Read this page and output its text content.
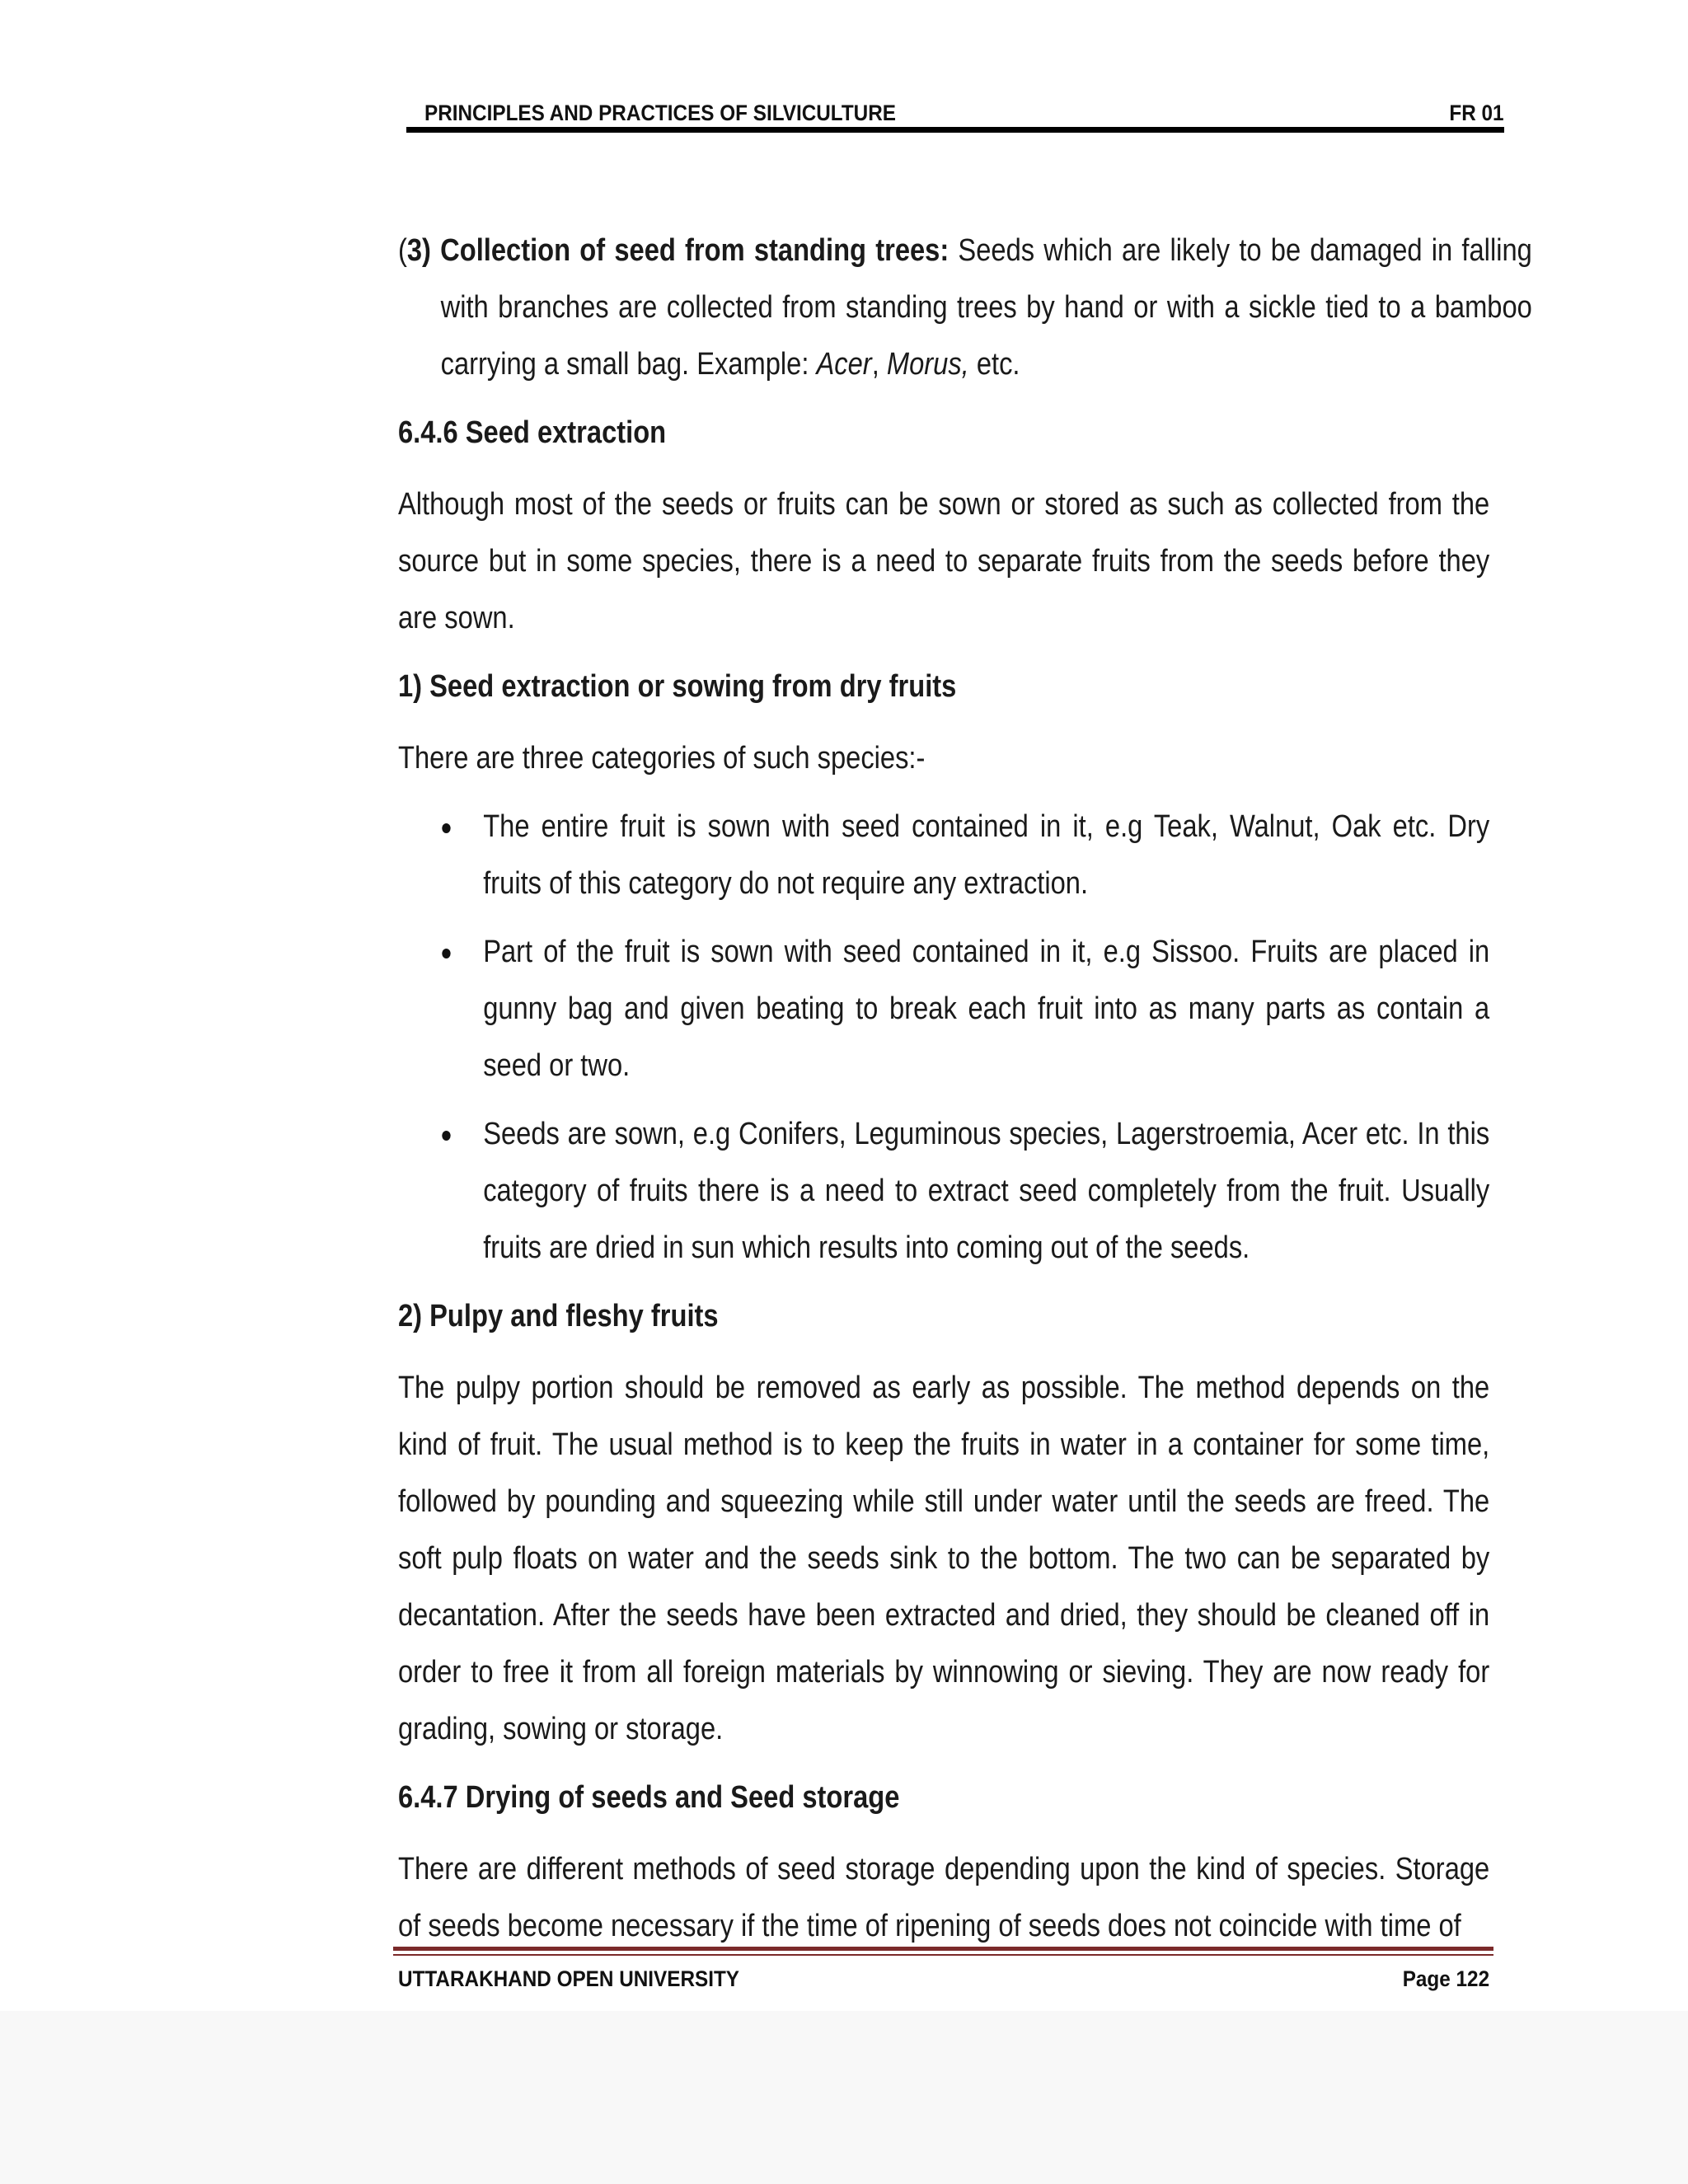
PRINCIPLES AND PRACTICES OF SILVICULTURE	FR 01

(3) Collection of seed from standing trees: Seeds which are likely to be damaged in falling with branches are collected from standing trees by hand or with a sickle tied to a bamboo carrying a small bag. Example: Acer, Morus, etc.

6.4.6 Seed extraction

Although most of the seeds or fruits can be sown or stored as such as collected from the source but in some species, there is a need to separate fruits from the seeds before they are sown.

1) Seed extraction or sowing from dry fruits

There are three categories of such species:-

The entire fruit is sown with seed contained in it, e.g Teak, Walnut, Oak etc. Dry fruits of this category do not require any extraction.
Part of the fruit is sown with seed contained in it, e.g Sissoo. Fruits are placed in gunny bag and given beating to break each fruit into as many parts as contain a seed or two.
Seeds are sown, e.g Conifers, Leguminous species, Lagerstroemia, Acer etc. In this category of fruits there is a need to extract seed completely from the fruit. Usually fruits are dried in sun which results into coming out of the seeds.
2) Pulpy and fleshy fruits

The pulpy portion should be removed as early as possible. The method depends on the kind of fruit. The usual method is to keep the fruits in water in a container for some time, followed by pounding and squeezing while still under water until the seeds are freed. The soft pulp floats on water and the seeds sink to the bottom. The two can be separated by decantation. After the seeds have been extracted and dried, they should be cleaned off in order to free it from all foreign materials by winnowing or sieving. They are now ready for grading, sowing or storage.

6.4.7 Drying of seeds and Seed storage

There are different methods of seed storage depending upon the kind of species. Storage of seeds become necessary if the time of ripening of seeds does not coincide with time of

UTTARAKHAND OPEN UNIVERSITY	Page 122
